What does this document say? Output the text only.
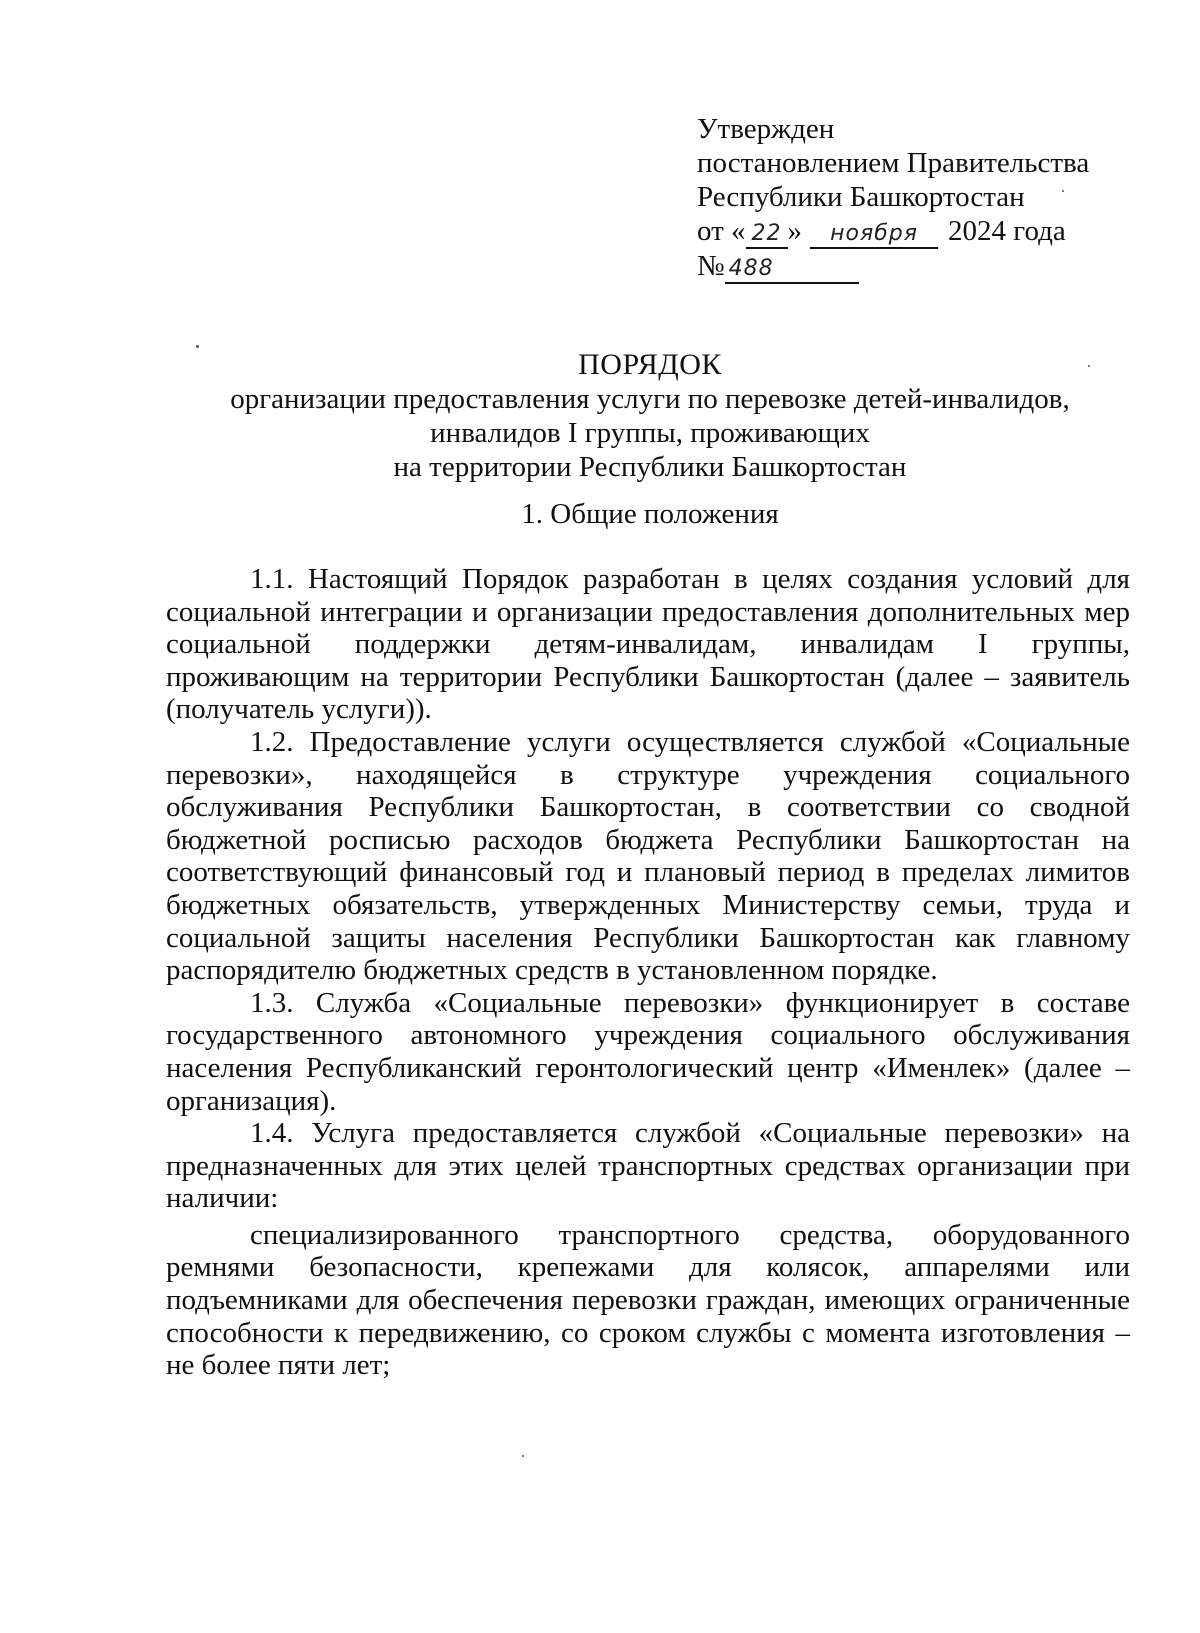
Утвержден
постановлением Правительства
Республики Башкортостан
от « 22 » ноября 2024 года
№ 488
ПОРЯДОК
организации предоставления услуги по перевозке детей-инвалидов,
инвалидов I группы, проживающих
на территории Республики Башкортостан
1. Общие положения

1.1. Настоящий Порядок разработан в целях создания условий для социальной интеграции и организации предоставления дополнительных мер социальной поддержки детям-инвалидам, инвалидам I группы, проживающим на территории Республики Башкортостан (далее – заявитель (получатель услуги)).

1.2. Предоставление услуги осуществляется службой «Социальные перевозки», находящейся в структуре учреждения социального обслуживания Республики Башкортостан, в соответствии со сводной бюджетной росписью расходов бюджета Республики Башкортостан на соответствующий финансовый год и плановый период в пределах лимитов бюджетных обязательств, утвержденных Министерству семьи, труда и социальной защиты населения Республики Башкортостан как главному распорядителю бюджетных средств в установленном порядке.

1.3. Служба «Социальные перевозки» функционирует в составе государственного автономного учреждения социального обслуживания населения Республиканский геронтологический центр «Именлек» (далее – организация).

1.4. Услуга предоставляется службой «Социальные перевозки» на предназначенных для этих целей транспортных средствах организации при наличии:

специализированного транспортного средства, оборудованного ремнями безопасности, крепежами для колясок, аппарелями или подъемниками для обеспечения перевозки граждан, имеющих ограниченные способности к передвижению, со сроком службы с момента изготовления – не более пяти лет;
